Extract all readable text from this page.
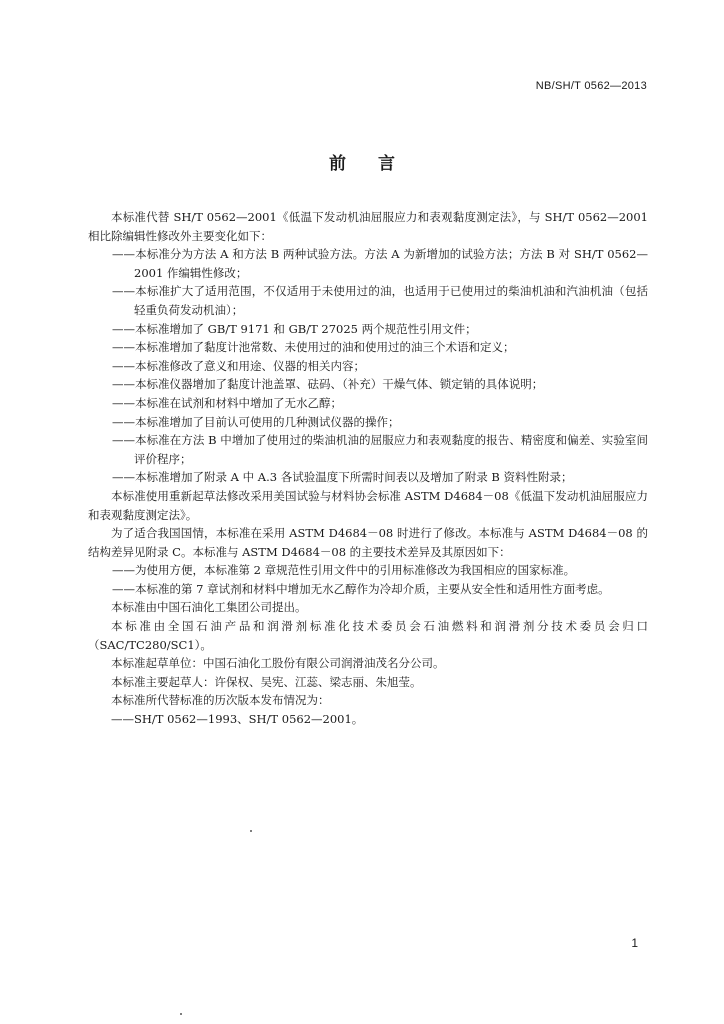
NB/SH/T 0562—2013
前言

本标准代替 SH/T 0562—2001《低温下发动机油屈服应力和表观黏度测定法》，与 SH/T 0562—2001 相比除编辑性修改外主要变化如下：

——本标准分为方法 A 和方法 B 两种试验方法。方法 A 为新增加的试验方法；方法 B 对 SH/T 0562—2001 作编辑性修改；

——本标准扩大了适用范围，不仅适用于未使用过的油，也适用于已使用过的柴油机油和汽油机油（包括轻重负荷发动机油）；

——本标准增加了 GB/T 9171 和 GB/T 27025 两个规范性引用文件；

——本标准增加了黏度计池常数、未使用过的油和使用过的油三个术语和定义；

——本标准修改了意义和用途、仪器的相关内容；

——本标准仪器增加了黏度计池盖罩、砝码、（补充）干燥气体、锁定销的具体说明；

——本标准在试剂和材料中增加了无水乙醇；

——本标准增加了目前认可使用的几种测试仪器的操作；

——本标准在方法 B 中增加了使用过的柴油机油的屈服应力和表观黏度的报告、精密度和偏差、实验室间评价程序；

——本标准增加了附录 A 中 A.3 各试验温度下所需时间表以及增加了附录 B 资料性附录；

本标准使用重新起草法修改采用美国试验与材料协会标准 ASTM D4684－08《低温下发动机油屈服应力和表观黏度测定法》。

为了适合我国国情，本标准在采用 ASTM D4684－08 时进行了修改。本标准与 ASTM D4684－08 的结构差异见附录 C。本标准与 ASTM D4684－08 的主要技术差异及其原因如下：

——为使用方便，本标准第 2 章规范性引用文件中的引用标准修改为我国相应的国家标准。

——本标准的第 7 章试剂和材料中增加无水乙醇作为冷却介质，主要从安全性和适用性方面考虑。

本标准由中国石油化工集团公司提出。

本标准由全国石油产品和润滑剂标准化技术委员会石油燃料和润滑剂分技术委员会归口（SAC/TC280/SC1）。

本标准起草单位：中国石油化工股份有限公司润滑油茂名分公司。

本标准主要起草人：许保权、吴宪、江蕊、梁志丽、朱旭莹。

本标准所代替标准的历次版本发布情况为：

——SH/T 0562—1993、SH/T 0562—2001。

1
